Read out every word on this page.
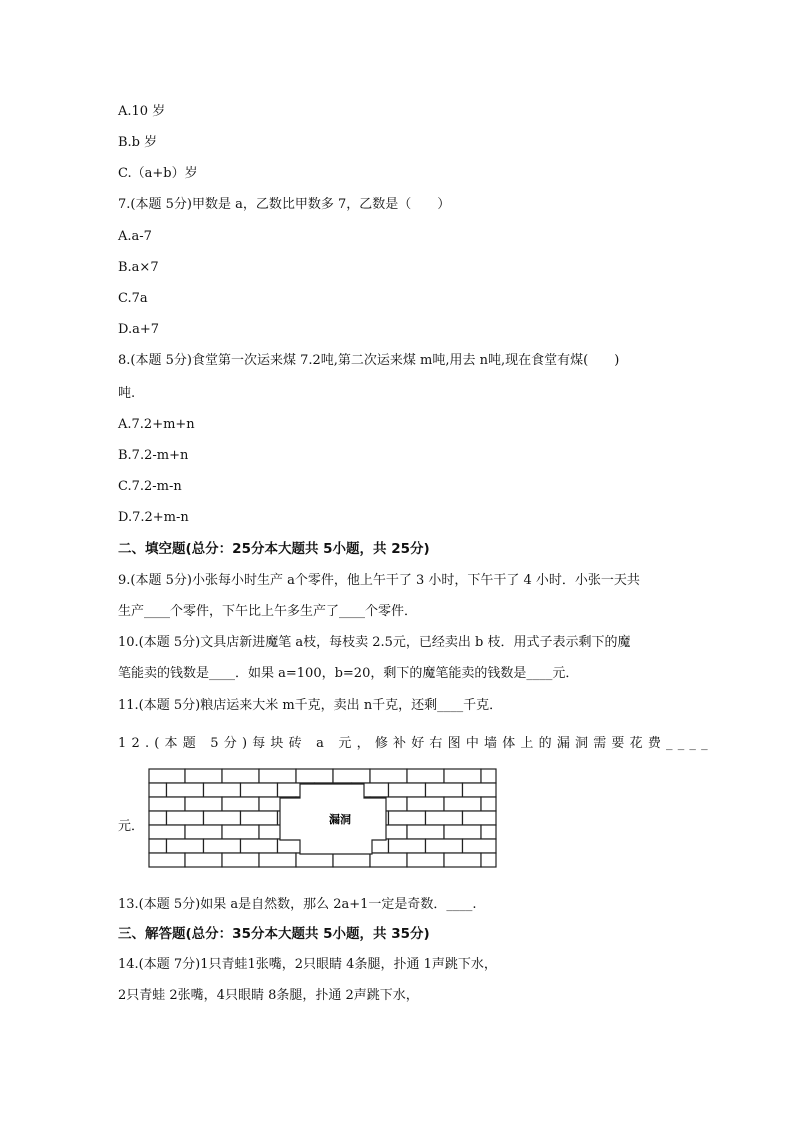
A.10 岁
B.b 岁
C.（a+b）岁
7.(本题 5分)甲数是 a，乙数比甲数多 7，乙数是（　　）
A.a-7
B.a×7
C.7a
D.a+7
8.(本题 5分)食堂第一次运来煤 7.2吨,第二次运来煤 m吨,用去 n吨,现在食堂有煤(　　)
吨.
A.7.2+m+n
B.7.2-m+n
C.7.2-m-n
D.7.2+m-n
二、填空题(总分：25分本大题共 5小题，共 25分)
9.(本题 5分)小张每小时生产 a个零件，他上午干了 3 小时，下午干了 4 小时．小张一天共
生产____个零件，下午比上午多生产了____个零件．
10.(本题 5分)文具店新进魔笔 a枝，每枝卖 2.5元，已经卖出 b 枝．用式子表示剩下的魔
笔能卖的钱数是____．如果 a=100，b=20，剩下的魔笔能卖的钱数是____元．
11.(本题 5分)粮店运来大米 m千克，卖出 n千克，还剩____千克．
12.(本题 5分)每块砖 a 元，修补好右图中墙体上的漏洞需要花费____
元．	漏洞
13.(本题 5分)如果 a是自然数，那么 2a+1一定是奇数．____.
三、解答题(总分：35分本大题共 5小题，共 35分)
14.(本题 7分)1只青蛙1张嘴，2只眼睛 4条腿，扑通 1声跳下水，
2只青蛙 2张嘴，4只眼睛 8条腿，扑通 2声跳下水，
